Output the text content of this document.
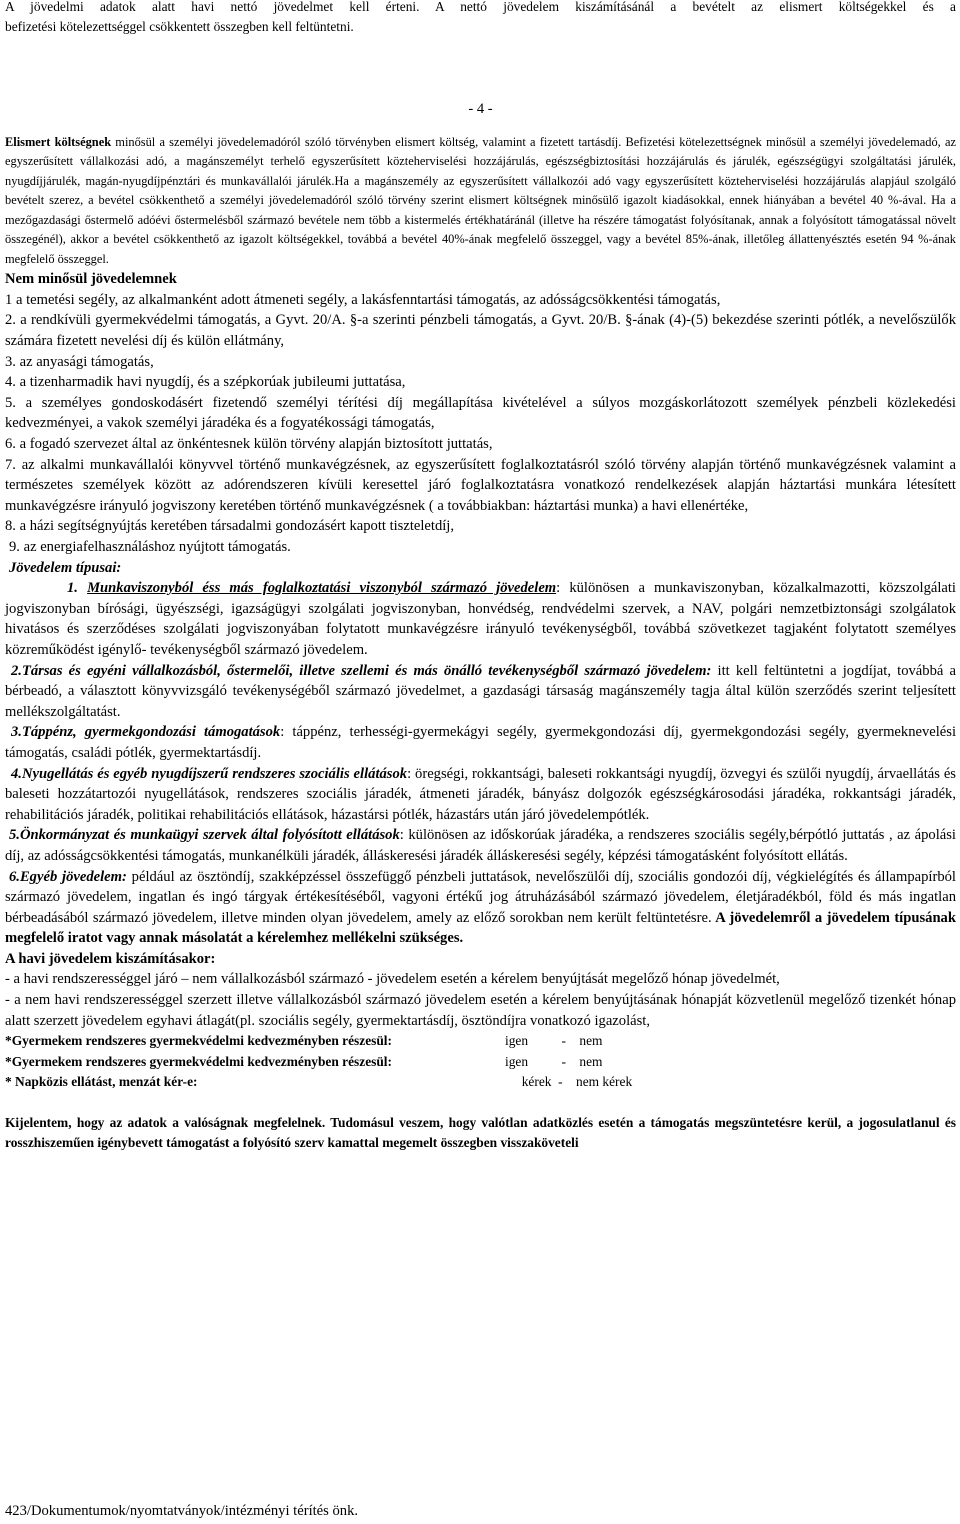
A jövedelmi adatok alatt havi nettó jövedelmet kell érteni. A nettó jövedelem kiszámításánál a bevételt az elismert költségekkel és a

befizetési kötelezettséggel csökkentett összegben kell feltüntetni.

- 4 -

Elismert költségnek minősül a személyi jövedelemadóról szóló törvényben elismert költség, valamint a fizetett tartásdíj. Befizetési kötelezettségnek minősül a személyi jövedelemadó, az egyszerűsített vállalkozási adó, a magánszemélyt terhelő egyszerűsített közteherviselési hozzájárulás, egészségbiztosítási hozzájárulás és járulék, egészségügyi szolgáltatási járulék, nyugdíjjárulék, magán-nyugdíjpénztári és munkavállalói járulék.Ha a magánszemély az egyszerűsített vállalkozói adó vagy egyszerűsített közteherviselési hozzájárulás alapjául szolgáló bevételt szerez, a bevétel csökkenthető a személyi jövedelemadóról szóló törvény szerint elismert költségnek minősülő igazolt kiadásokkal, ennek hiányában a bevétel 40 %-ával. Ha a mezőgazdasági őstermelő adóévi őstermelésből származó bevétele nem több a kistermelés értékhatáránál (illetve ha részére támogatást folyósítanak, annak a folyósított támogatással növelt összegénél), akkor a bevétel csökkenthető az igazolt költségekkel, továbbá a bevétel 40%-ának megfelelő összeggel, vagy a bevétel 85%-ának, illetőleg állattenyésztés esetén 94 %-ának megfelelő összeggel.

Nem minősül jövedelemnek

1 a temetési segély, az alkalmanként adott átmeneti segély, a lakásfenntartási támogatás, az adósságcsökkentési támogatás,

2. a rendkívüli gyermekvédelmi támogatás, a Gyvt. 20/A. §-a szerinti pénzbeli támogatás, a Gyvt. 20/B. §-ának (4)-(5) bekezdése szerinti pótlék, a nevelőszülők számára fizetett nevelési díj és külön ellátmány,

3. az anyasági támogatás,

4. a tizenharmadik havi nyugdíj, és a szépkorúak jubileumi juttatása,

5. a személyes gondoskodásért fizetendő személyi térítési díj megállapítása kivételével a súlyos mozgáskorlátozott személyek pénzbeli közlekedési kedvezményei, a vakok személyi járadéka és a fogyatékossági támogatás,

6. a fogadó szervezet által az önkéntesnek külön törvény alapján biztosított juttatás,

7. az alkalmi munkavállalói könyvvel történő munkavégzésnek, az egyszerűsített foglalkoztatásról szóló törvény alapján történő munkavégzésnek valamint a természetes személyek között az adórendszeren kívüli keresettel járó foglalkoztatásra vonatkozó rendelkezések alapján háztartási munkára létesített munkavégzésre irányuló jogviszony keretében történő munkavégzésnek ( a továbbiakban: háztartási munka) a havi ellenértéke,

8. a házi segítségnyújtás keretében társadalmi gondozásért kapott tiszteletdíj,

9. az energiafelhasználáshoz nyújtott támogatás.

Jövedelem típusai:

1. Munkaviszonyból éss más foglalkoztatási viszonyból származó jövedelem: különösen a munkaviszonyban, közalkalmazotti, közszolgálati jogviszonyban bírósági, ügyészségi, igazságügyi szolgálati jogviszonyban, honvédség, rendvédelmi szervek, a NAV, polgári nemzetbiztonsági szolgálatok hivatásos és szerződéses szolgálati jogviszonyában folytatott munkavégzésre irányuló tevékenységből, továbbá szövetkezet tagjaként folytatott személyes közreműködést igénylő- tevékenységből származó jövedelem.

2.Társas és egyéni vállalkozásból, őstermelői, illetve szellemi és más önálló tevékenységből származó jövedelem: itt kell feltüntetni a jogdíjat, továbbá a bérbeadó, a választott könyvvizsgáló tevékenységéből származó jövedelmet, a gazdasági társaság magánszemély tagja által külön szerződés szerint teljesített mellékszolgáltatást.

3.Táppénz, gyermekgondozási támogatások: táppénz, terhességi-gyermekágyi segély, gyermekgondozási díj, gyermekgondozási segély, gyermeknevelési támogatás, családi pótlék, gyermektartásdíj.

4.Nyugellátás és egyéb nyugdíjszerű rendszeres szociális ellátások: öregségi, rokkantsági, baleseti rokkantsági nyugdíj, özvegyi és szülői nyugdíj, árvaellátás és baleseti hozzátartozói nyugellátások, rendszeres szociális járadék, átmeneti járadék, bányász dolgozók egészségkárosodási járadéka, rokkantsági járadék, rehabilitációs járadék, politikai rehabilitációs ellátások, házastársi pótlék, házastárs után járó jövedelempótlék.

5.Önkormányzat és munkaügyi szervek által folyósított ellátások: különösen az időskorúak járadéka, a rendszeres szociális segély,bérpótló juttatás , az ápolási díj, az adósságcsökkentési támogatás, munkanélküli járadék, álláskeresési járadék álláskeresési segély, képzési támogatásként folyósított ellátás.

6.Egyéb jövedelem: például az ösztöndíj, szakképzéssel összefüggő pénzbeli juttatások, nevelőszülői díj, szociális gondozói díj, végkielégítés és állampapírból származó jövedelem, ingatlan és ingó tárgyak értékesítéséből, vagyoni értékű jog átruházásából származó jövedelem, életjáradékból, föld és más ingatlan bérbeadásából származó jövedelem, illetve minden olyan jövedelem, amely az előző sorokban nem került feltüntetésre. A jövedelemről a jövedelem típusának megfelelő iratot vagy annak másolatát a kérelemhez mellékelni szükséges.

A havi jövedelem kiszámításakor:

- a havi rendszerességgel járó – nem vállalkozásból származó - jövedelem esetén a kérelem benyújtását megelőző hónap jövedelmét,

- a nem havi rendszerességgel szerzett illetve vállalkozásból származó jövedelem esetén a kérelem benyújtásának hónapját közvetlenül megelőző tizenkét hónap alatt szerzett jövedelem egyhavi átlagát(pl. szociális segély, gyermektartásdíj, ösztöndíjra vonatkozó igazolást,

*Gyermekem rendszeres gyermekvédelmi kedvezményben részesül:	igen          -    nem
*Gyermekem rendszeres gyermekvédelmi kedvezményben részesül:	igen          -    nem
* Napközis ellátást, menzát kér-e:	kérek  -    nem kérek

Kijelentem, hogy az adatok a valóságnak megfelelnek. Tudomásul veszem, hogy valótlan adatközlés esetén a támogatás megszüntetésre kerül, a jogosulatlanul és rosszhiszeműen igénybevett támogatást a folyósító szerv kamattal megemelt összegben visszaköveteli

423/Dokumentumok/nyomtatványok/intézményi térítés önk.
